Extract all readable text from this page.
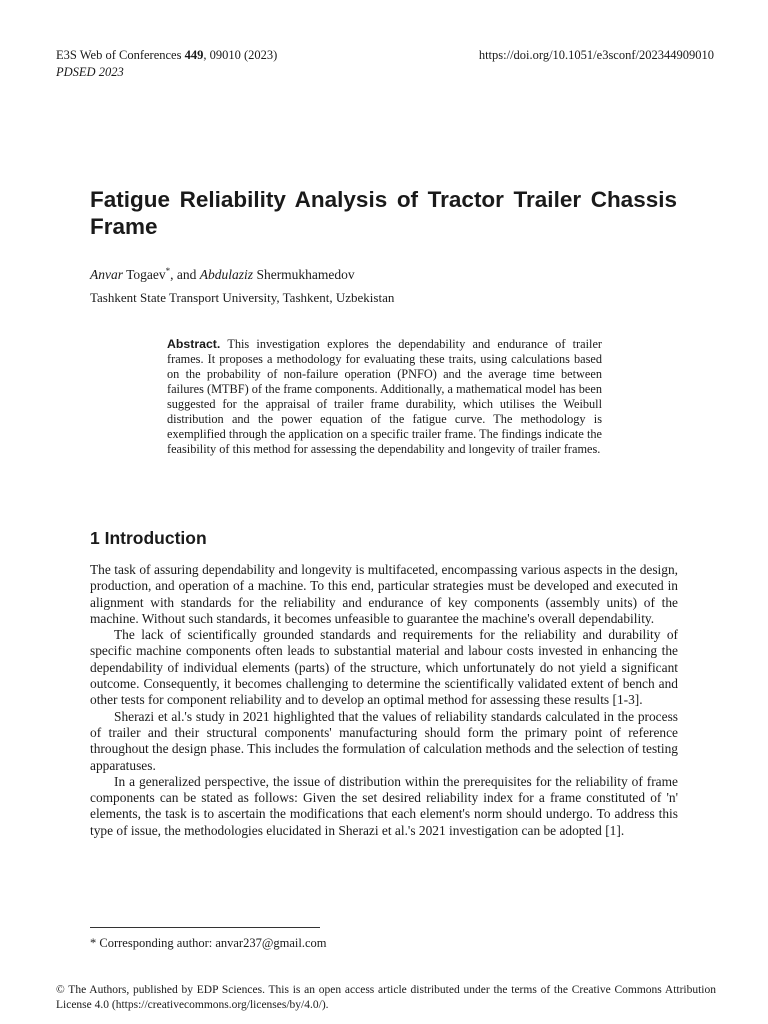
E3S Web of Conferences 449, 09010 (2023)	https://doi.org/10.1051/e3sconf/202344909010
PDSED 2023
Fatigue Reliability Analysis of Tractor Trailer Chassis Frame
Anvar Togaev*, and Abdulaziz Shermukhamedov
Tashkent State Transport University, Tashkent, Uzbekistan
Abstract. This investigation explores the dependability and endurance of trailer frames. It proposes a methodology for evaluating these traits, using calculations based on the probability of non-failure operation (PNFO) and the average time between failures (MTBF) of the frame components. Additionally, a mathematical model has been suggested for the appraisal of trailer frame durability, which utilises the Weibull distribution and the power equation of the fatigue curve. The methodology is exemplified through the application on a specific trailer frame. The findings indicate the feasibility of this method for assessing the dependability and longevity of trailer frames.
1 Introduction

The task of assuring dependability and longevity is multifaceted, encompassing various aspects in the design, production, and operation of a machine. To this end, particular strategies must be developed and executed in alignment with standards for the reliability and endurance of key components (assembly units) of the machine. Without such standards, it becomes unfeasible to guarantee the machine's overall dependability.

The lack of scientifically grounded standards and requirements for the reliability and durability of specific machine components often leads to substantial material and labour costs invested in enhancing the dependability of individual elements (parts) of the structure, which unfortunately do not yield a significant outcome. Consequently, it becomes challenging to determine the scientifically validated extent of bench and other tests for component reliability and to develop an optimal method for assessing these results [1-3].

Sherazi et al.'s study in 2021 highlighted that the values of reliability standards calculated in the process of trailer and their structural components' manufacturing should form the primary point of reference throughout the design phase. This includes the formulation of calculation methods and the selection of testing apparatuses.

In a generalized perspective, the issue of distribution within the prerequisites for the reliability of frame components can be stated as follows: Given the set desired reliability index for a frame constituted of 'n' elements, the task is to ascertain the modifications that each element's norm should undergo. To address this type of issue, the methodologies elucidated in Sherazi et al.'s 2021 investigation can be adopted [1].

* Corresponding author: anvar237@gmail.com
© The Authors, published by EDP Sciences. This is an open access article distributed under the terms of the Creative Commons Attribution License 4.0 (https://creativecommons.org/licenses/by/4.0/).
